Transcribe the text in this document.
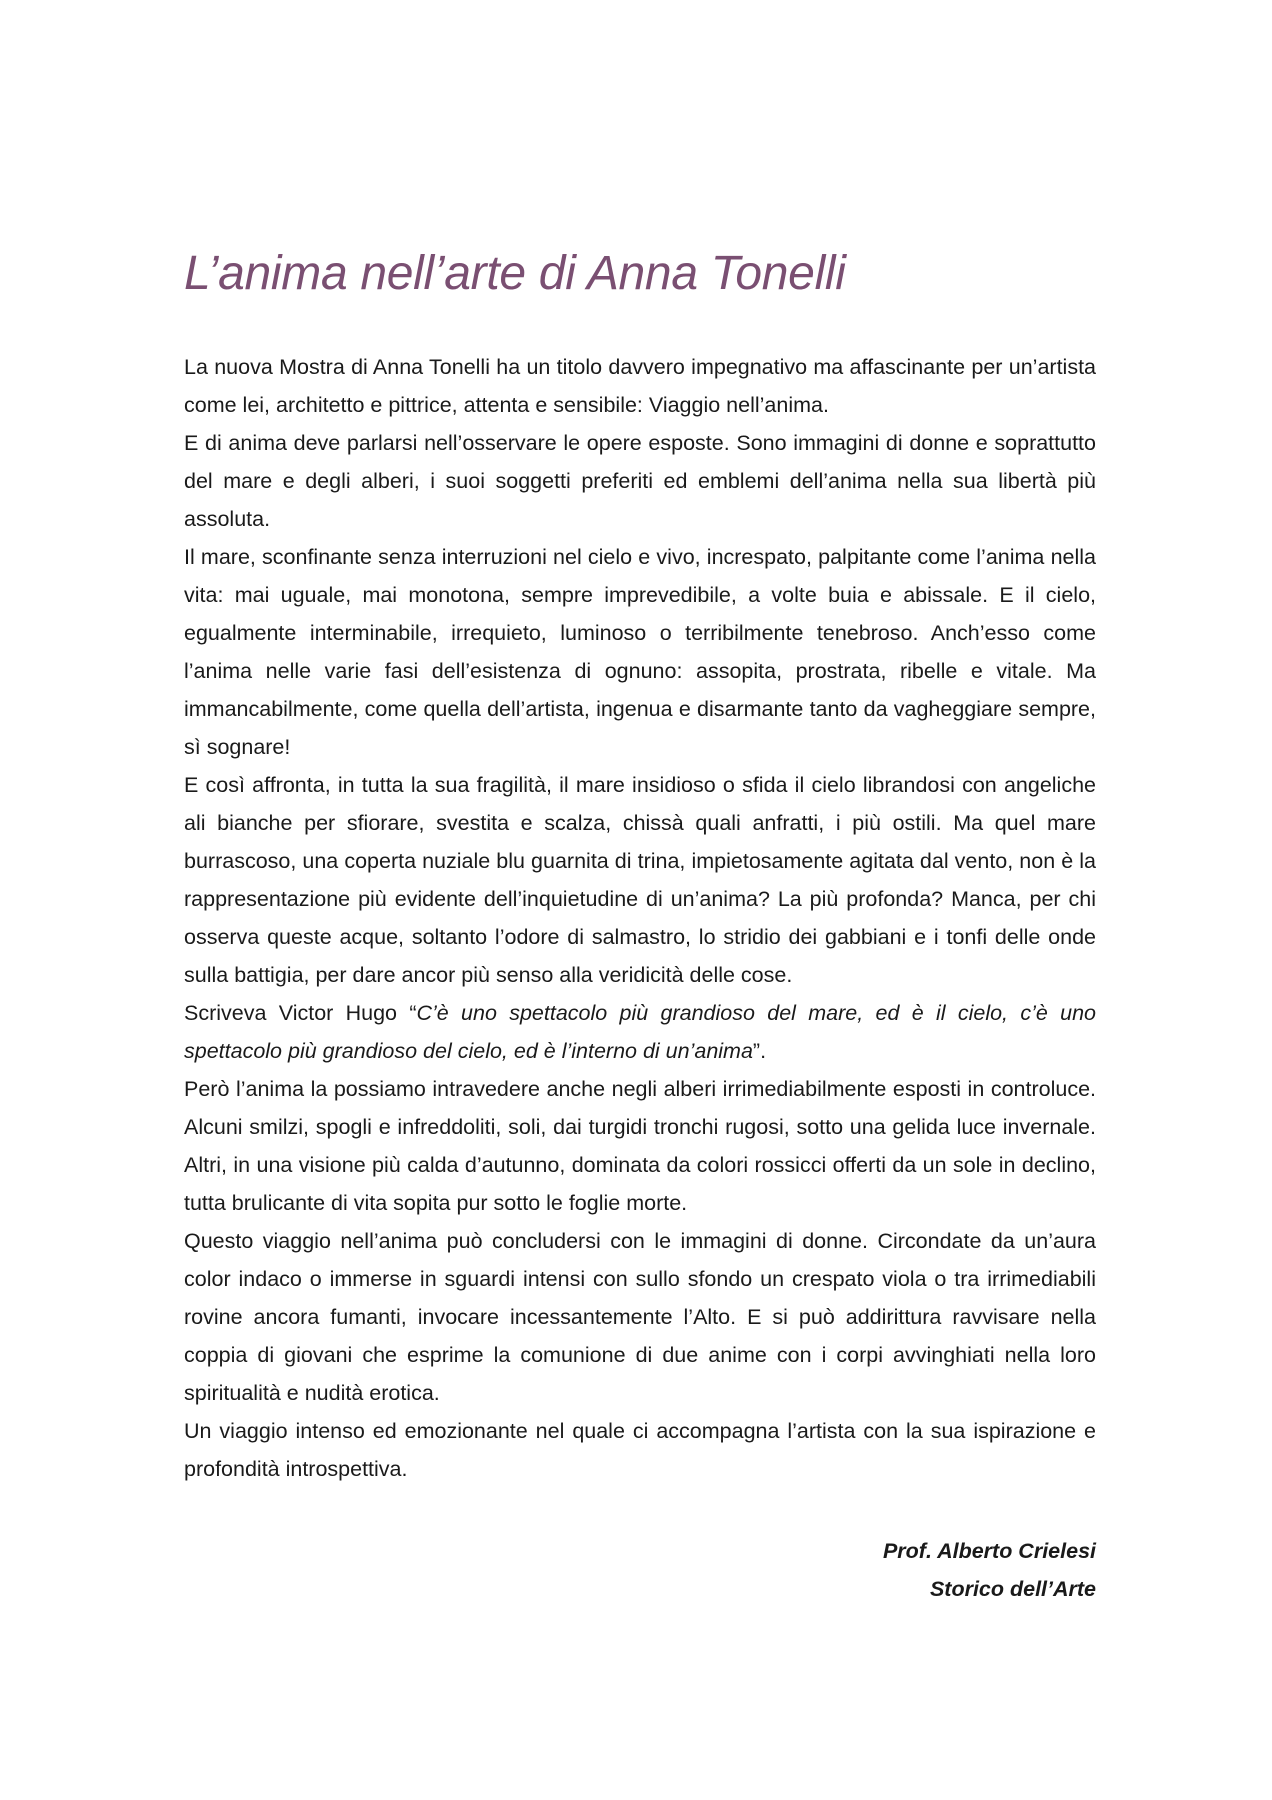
L’anima nell’arte di Anna Tonelli

La nuova Mostra di Anna Tonelli ha un titolo davvero impegnativo ma affascinante per un’artista come lei, architetto e pittrice, attenta e sensibile: Viaggio nell’anima.

E di anima deve parlarsi nell’osservare le opere esposte. Sono immagini di donne e soprattutto del mare e degli alberi, i suoi soggetti preferiti ed emblemi dell’anima nella sua libertà più assoluta.

Il mare, sconfinante senza interruzioni nel cielo e vivo, increspato, palpitante come l’anima nella vita: mai uguale, mai monotona, sempre imprevedibile, a volte buia e abissale. E il cielo, egualmente interminabile, irrequieto, luminoso o terribilmente tenebroso. Anch’esso come l’anima nelle varie fasi dell’esistenza di ognuno: assopita, prostrata, ribelle e vitale. Ma immancabilmente, come quella dell’artista, ingenua e disarmante tanto da vagheggiare sempre, sì sognare!

E così affronta, in tutta la sua fragilità, il mare insidioso o sfida il cielo librandosi con angeliche ali bianche per sfiorare, svestita e scalza, chissà quali anfratti, i più ostili. Ma quel mare burrascoso, una coperta nuziale blu guarnita di trina, impietosamente agitata dal vento, non è la rappresentazione più evidente dell’inquietudine di un’anima? La più profonda? Manca, per chi osserva queste acque, soltanto l’odore di salmastro, lo stridio dei gabbiani e i tonfi delle onde sulla battigia, per dare ancor più senso alla veridicità delle cose.

Scriveva Victor Hugo “C’è uno spettacolo più grandioso del mare, ed è il cielo, c’è uno spettacolo più grandioso del cielo, ed è l’interno di un’anima”.

Però l’anima la possiamo intravedere anche negli alberi irrimediabilmente esposti in controluce. Alcuni smilzi, spogli e infreddoliti, soli, dai turgidi tronchi rugosi, sotto una gelida luce invernale. Altri, in una visione più calda d’autunno, dominata da colori rossicci offerti da un sole in declino, tutta brulicante di vita sopita pur sotto le foglie morte.

Questo viaggio nell’anima può concludersi con le immagini di donne. Circondate da un’aura color indaco o immerse in sguardi intensi con sullo sfondo un crespato viola o tra irrimediabili rovine ancora fumanti, invocare incessantemente l’Alto. E si può addirittura ravvisare nella coppia di giovani che esprime la comunione di due anime con i corpi avvinghiati nella loro spiritualità e nudità erotica.

Un viaggio intenso ed emozionante nel quale ci accompagna l’artista con la sua ispirazione e profondità introspettiva.

Prof. Alberto Crielesi
Storico dell’Arte
